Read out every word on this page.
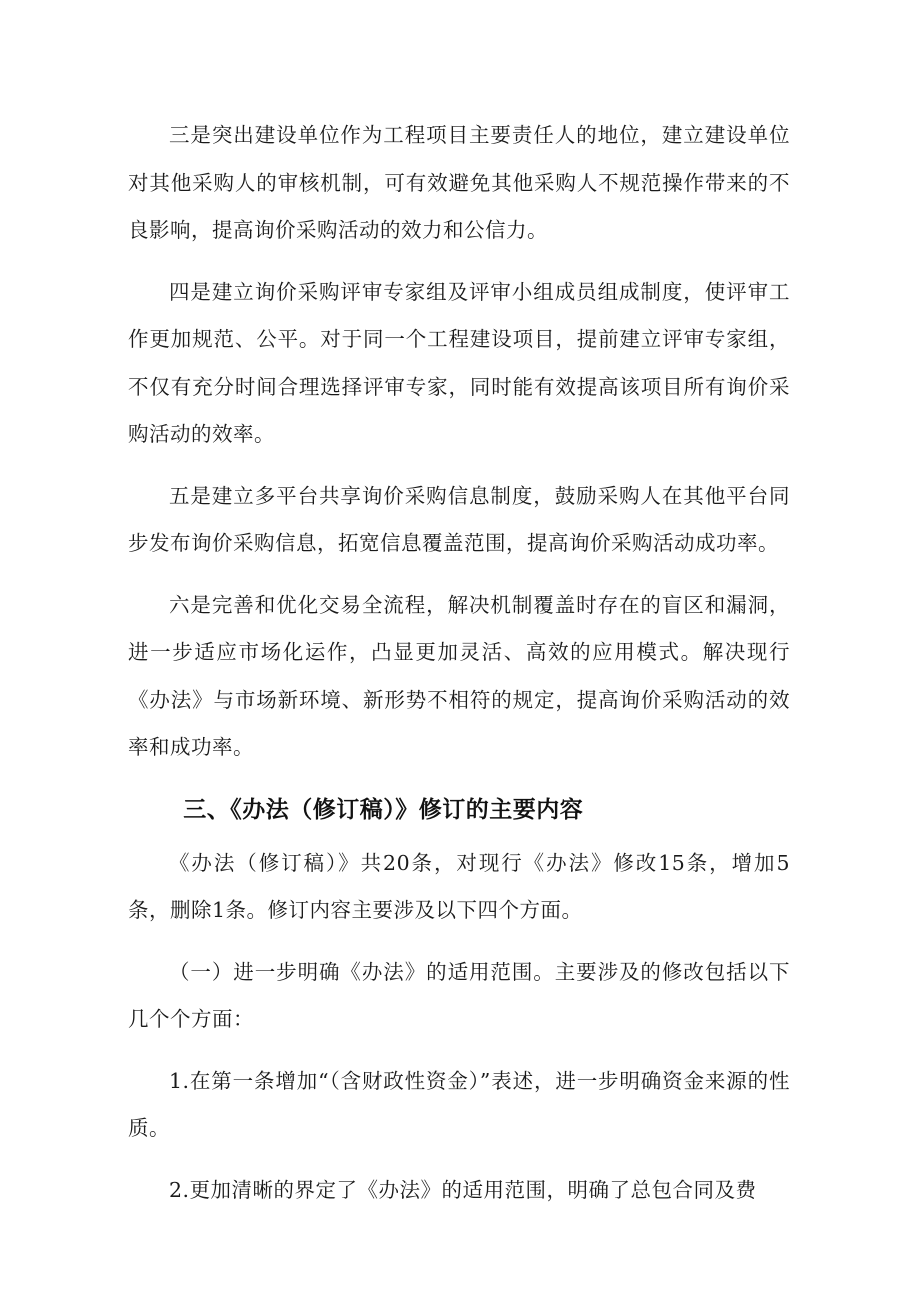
三是突出建设单位作为工程项目主要责任人的地位，建立建设单位对其他采购人的审核机制，可有效避免其他采购人不规范操作带来的不良影响，提高询价采购活动的效力和公信力。

四是建立询价采购评审专家组及评审小组成员组成制度，使评审工作更加规范、公平。对于同一个工程建设项目，提前建立评审专家组，不仅有充分时间合理选择评审专家，同时能有效提高该项目所有询价采购活动的效率。

五是建立多平台共享询价采购信息制度，鼓励采购人在其他平台同步发布询价采购信息，拓宽信息覆盖范围，提高询价采购活动成功率。

六是完善和优化交易全流程，解决机制覆盖时存在的盲区和漏洞，进一步适应市场化运作，凸显更加灵活、高效的应用模式。解决现行《办法》与市场新环境、新形势不相符的规定，提高询价采购活动的效率和成功率。

三、《办法（修订稿）》修订的主要内容

《办法（修订稿）》共20条，对现行《办法》修改15条，增加5条，删除1条。修订内容主要涉及以下四个方面。

（一）进一步明确《办法》的适用范围。主要涉及的修改包括以下几个个方面：

1.在第一条增加“（含财政性资金）”表述，进一步明确资金来源的性质。

2.更加清晰的界定了《办法》的适用范围，明确了总包合同及费
